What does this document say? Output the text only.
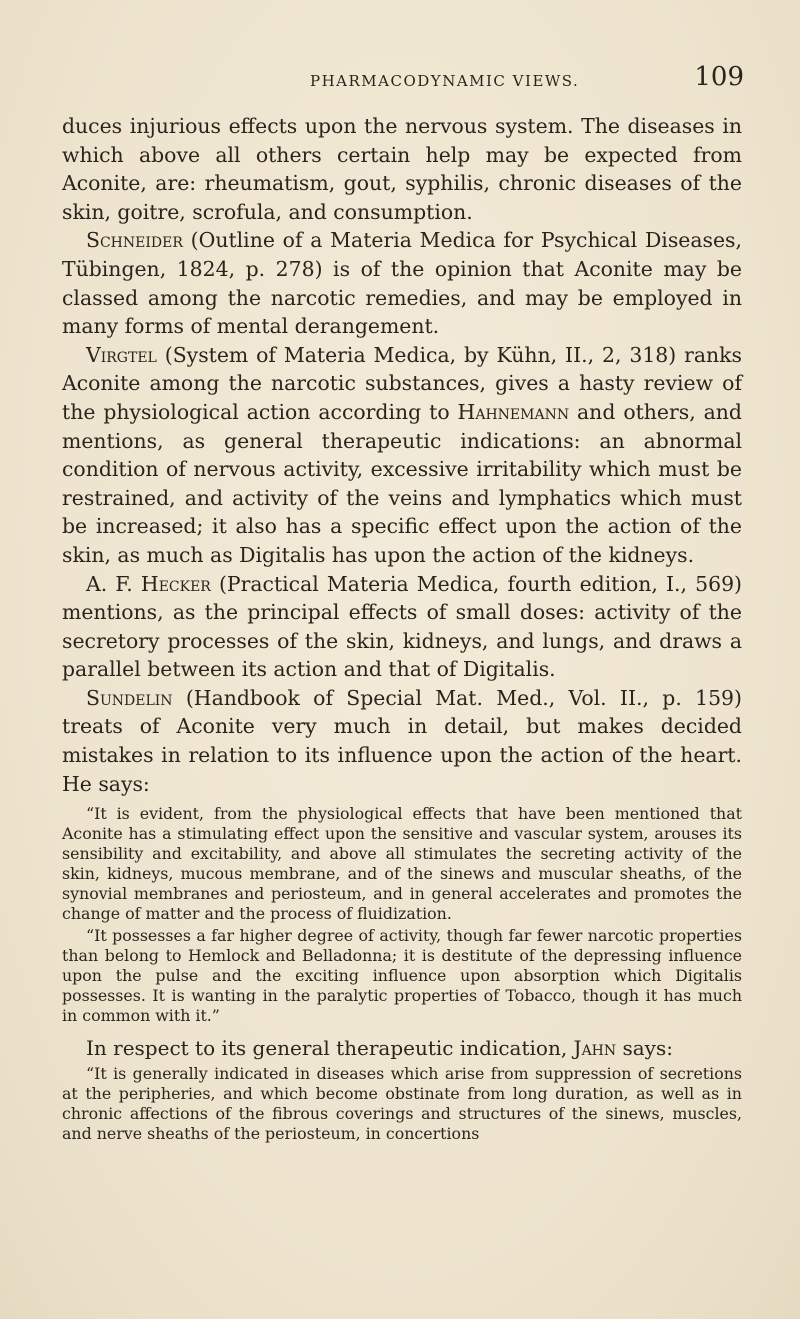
PHARMACODYNAMIC VIEWS.	109

duces injurious effects upon the nervous system. The diseases in which above all others certain help may be expected from Aconite, are: rheumatism, gout, syphilis, chronic diseases of the skin, goitre, scrofula, and consumption.

Schneider (Outline of a Materia Medica for Psychical Diseases, Tübingen, 1824, p. 278) is of the opinion that Aconite may be classed among the narcotic remedies, and may be employed in many forms of mental derangement.

Virgtel (System of Materia Medica, by Kühn, II., 2, 318) ranks Aconite among the narcotic substances, gives a hasty review of the physiological action according to Hahnemann and others, and mentions, as general therapeutic indications: an abnormal condition of nervous activity, excessive irritability which must be restrained, and activity of the veins and lymphatics which must be increased; it also has a specific effect upon the action of the skin, as much as Digitalis has upon the action of the kidneys.

A. F. Hecker (Practical Materia Medica, fourth edition, I., 569) mentions, as the principal effects of small doses: activity of the secretory processes of the skin, kidneys, and lungs, and draws a parallel between its action and that of Digitalis.

Sundelin (Handbook of Special Mat. Med., Vol. II., p. 159) treats of Aconite very much in detail, but makes decided mistakes in relation to its influence upon the action of the heart. He says:

“It is evident, from the physiological effects that have been mentioned that Aconite has a stimulating effect upon the sensitive and vascular system, arouses its sensibility and excitability, and above all stimulates the secreting activity of the skin, kidneys, mucous membrane, and of the sinews and muscular sheaths, of the synovial membranes and periosteum, and in general accelerates and promotes the change of matter and the process of fluidization.

“It possesses a far higher degree of activity, though far fewer narcotic properties than belong to Hemlock and Belladonna; it is destitute of the depressing influence upon the pulse and the exciting influence upon absorption which Digitalis possesses. It is wanting in the paralytic properties of Tobacco, though it has much in common with it.”

In respect to its general therapeutic indication, Jahn says:

“It is generally indicated in diseases which arise from suppression of secretions at the peripheries, and which become obstinate from long duration, as well as in chronic affections of the fibrous coverings and structures of the sinews, muscles, and nerve sheaths of the periosteum, in concertions
